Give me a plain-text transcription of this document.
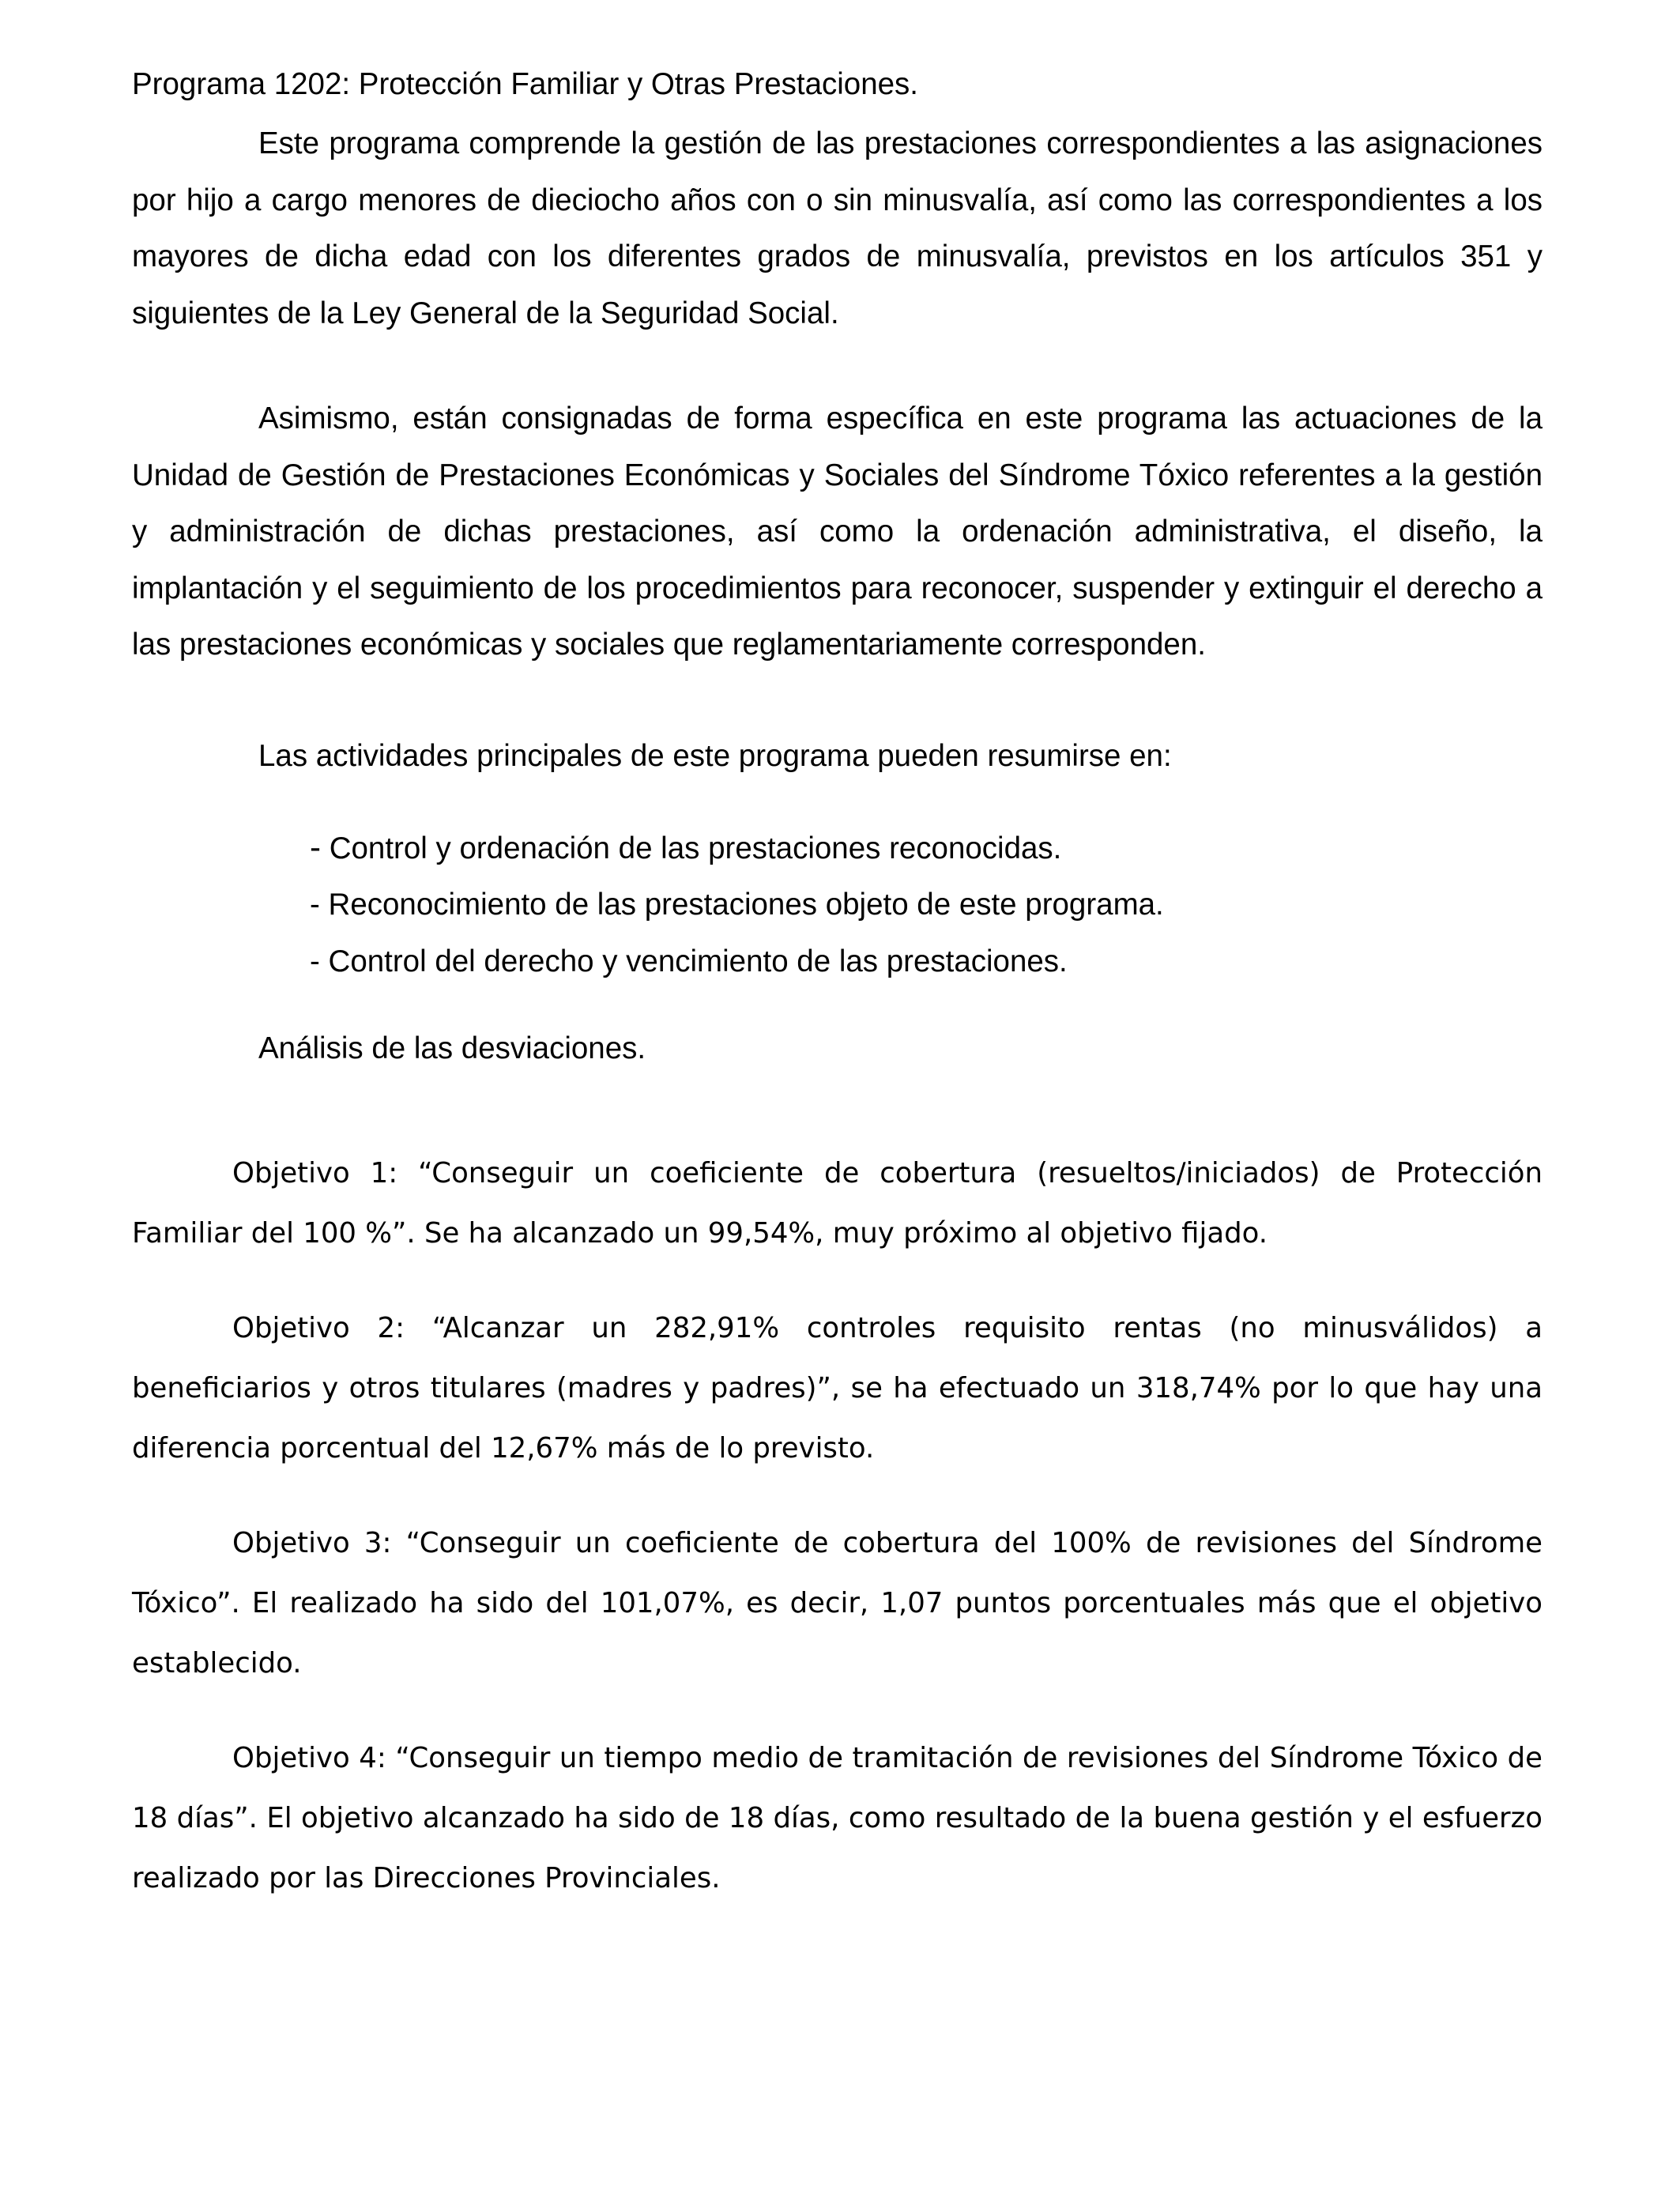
Programa 1202: Protección Familiar y Otras Prestaciones.

Este programa comprende la gestión de las prestaciones correspondientes a las asignaciones por hijo a cargo menores de dieciocho años con o sin minusvalía, así como las correspondientes a los mayores de dicha edad con los diferentes grados de minusvalía, previstos en los artículos 351 y siguientes de la Ley General de la Seguridad Social.

Asimismo, están consignadas de forma específica en este programa las actuaciones de la Unidad de Gestión de Prestaciones Económicas y Sociales del Síndrome Tóxico referentes a la gestión y administración de dichas prestaciones, así como la ordenación administrativa, el diseño, la implantación y el seguimiento de los procedimientos para reconocer, suspender y extinguir el derecho a las prestaciones económicas y sociales que reglamentariamente corresponden.

Las actividades principales de este programa pueden resumirse en:
- Control y ordenación de las prestaciones reconocidas.
- Reconocimiento de las prestaciones objeto de este programa.
- Control del derecho y vencimiento de las prestaciones.
Análisis de las desviaciones.

Objetivo 1: “Conseguir un coeficiente de cobertura (resueltos/iniciados) de Protección Familiar del 100 %”. Se ha alcanzado un 99,54%, muy próximo al objetivo fijado.

Objetivo 2: “Alcanzar un 282,91% controles requisito rentas (no minusválidos) a beneficiarios y otros titulares (madres y padres)”, se ha efectuado un 318,74% por lo que hay una diferencia porcentual del 12,67% más de lo previsto.

Objetivo 3: “Conseguir un coeficiente de cobertura del 100% de revisiones del Síndrome Tóxico”. El realizado ha sido del 101,07%, es decir, 1,07 puntos porcentuales más que el objetivo establecido.

Objetivo 4: “Conseguir un tiempo medio de tramitación de revisiones del Síndrome Tóxico de 18 días”. El objetivo alcanzado ha sido de 18 días, como resultado de la buena gestión y el esfuerzo realizado por las Direcciones Provinciales.
